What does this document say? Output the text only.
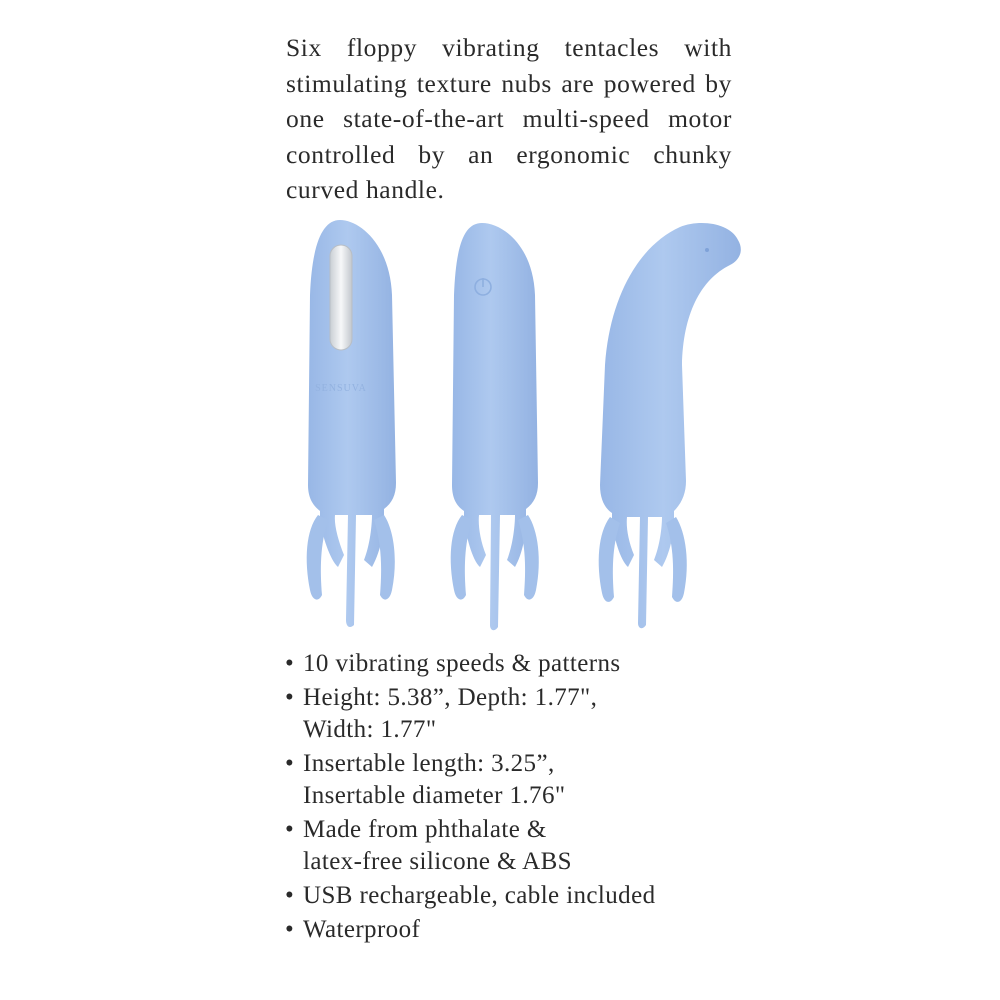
Six floppy vibrating tentacles with stimulating texture nubs are powered by one state-of-the-art multi-speed motor controlled by an ergonomic chunky curved handle.

SENSUVA
• 10 vibrating speeds & patterns
• Height: 5.38”, Depth: 1.77",
Width: 1.77"
• Insertable length: 3.25”,
Insertable diameter 1.76"
• Made from phthalate &
latex-free silicone & ABS
• USB rechargeable, cable included
• Waterproof
